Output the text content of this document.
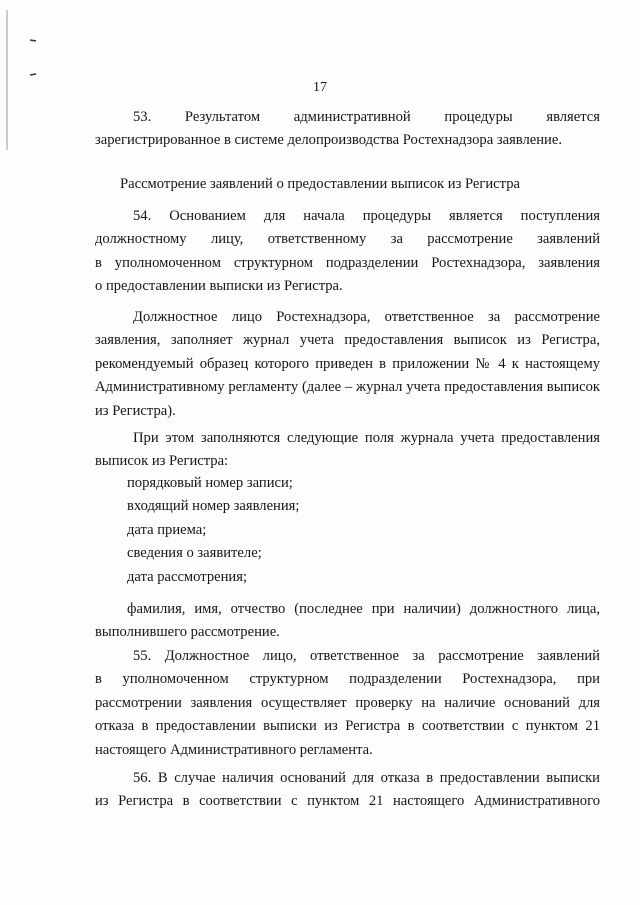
17
53. Результатом административной процедуры является
зарегистрированное в системе делопроизводства Ростехнадзора заявление.
Рассмотрение заявлений о предоставлении выписок из Регистра
54. Основанием для начала процедуры является поступления
должностному лицу, ответственному за рассмотрение заявлений
в уполномоченном структурном подразделении Ростехнадзора, заявления
о предоставлении выписки из Регистра.
Должностное лицо Ростехнадзора, ответственное за рассмотрение
заявления, заполняет журнал учета предоставления выписок из Регистра,
рекомендуемый образец которого приведен в приложении № 4 к настоящему
Административному регламенту (далее – журнал учета предоставления выписок
из Регистра).
При этом заполняются следующие поля журнала учета предоставления
выписок из Регистра:
порядковый номер записи;
входящий номер заявления;
дата приема;
сведения о заявителе;
дата рассмотрения;
фамилия, имя, отчество (последнее при наличии) должностного лица,
выполнившего рассмотрение.
55. Должностное лицо, ответственное за рассмотрение заявлений
в уполномоченном структурном подразделении Ростехнадзора, при
рассмотрении заявления осуществляет проверку на наличие оснований для
отказа в предоставлении выписки из Регистра в соответствии с пунктом 21
настоящего Административного регламента.
56. В случае наличия оснований для отказа в предоставлении выписки
из Регистра в соответствии с пунктом 21 настоящего Административного
